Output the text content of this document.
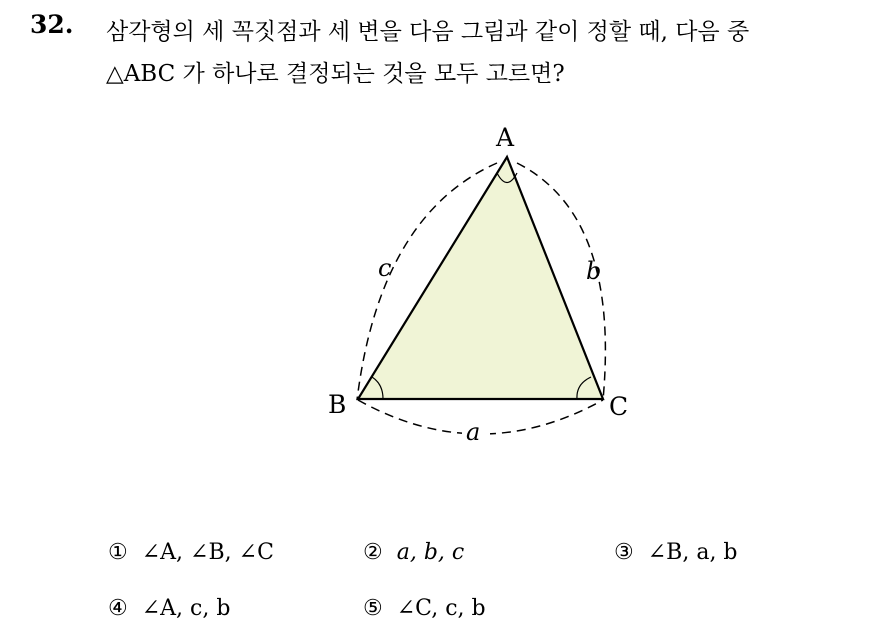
32. 삼각형의 세 꼭짓점과 세 변을 다음 그림과 같이 정할 때, 다음 중
△ABC 가 하나로 결정되는 것을 모두 고르면?
A
B	C
c	b
a
① ∠A, ∠B, ∠C	② a, b, c	③ ∠B, a, b
④ ∠A, c, b	⑤ ∠C, c, b
